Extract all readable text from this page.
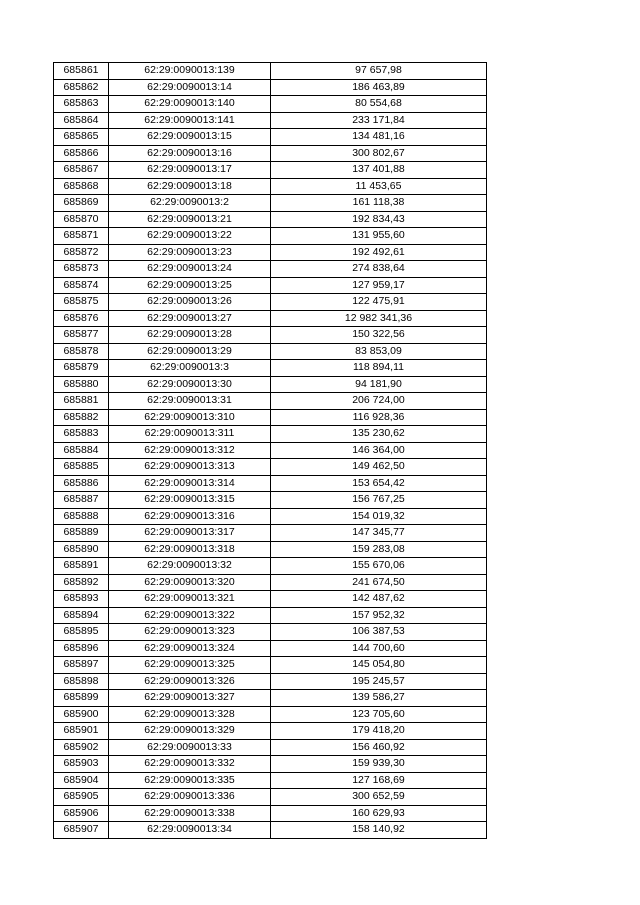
685861	62:29:0090013:139	97 657,98
685862	62:29:0090013:14	186 463,89
685863	62:29:0090013:140	80 554,68
685864	62:29:0090013:141	233 171,84
685865	62:29:0090013:15	134 481,16
685866	62:29:0090013:16	300 802,67
685867	62:29:0090013:17	137 401,88
685868	62:29:0090013:18	11 453,65
685869	62:29:0090013:2	161 118,38
685870	62:29:0090013:21	192 834,43
685871	62:29:0090013:22	131 955,60
685872	62:29:0090013:23	192 492,61
685873	62:29:0090013:24	274 838,64
685874	62:29:0090013:25	127 959,17
685875	62:29:0090013:26	122 475,91
685876	62:29:0090013:27	12 982 341,36
685877	62:29:0090013:28	150 322,56
685878	62:29:0090013:29	83 853,09
685879	62:29:0090013:3	118 894,11
685880	62:29:0090013:30	94 181,90
685881	62:29:0090013:31	206 724,00
685882	62:29:0090013:310	116 928,36
685883	62:29:0090013:311	135 230,62
685884	62:29:0090013:312	146 364,00
685885	62:29:0090013:313	149 462,50
685886	62:29:0090013:314	153 654,42
685887	62:29:0090013:315	156 767,25
685888	62:29:0090013:316	154 019,32
685889	62:29:0090013:317	147 345,77
685890	62:29:0090013:318	159 283,08
685891	62:29:0090013:32	155 670,06
685892	62:29:0090013:320	241 674,50
685893	62:29:0090013:321	142 487,62
685894	62:29:0090013:322	157 952,32
685895	62:29:0090013:323	106 387,53
685896	62:29:0090013:324	144 700,60
685897	62:29:0090013:325	145 054,80
685898	62:29:0090013:326	195 245,57
685899	62:29:0090013:327	139 586,27
685900	62:29:0090013:328	123 705,60
685901	62:29:0090013:329	179 418,20
685902	62:29:0090013:33	156 460,92
685903	62:29:0090013:332	159 939,30
685904	62:29:0090013:335	127 168,69
685905	62:29:0090013:336	300 652,59
685906	62:29:0090013:338	160 629,93
685907	62:29:0090013:34	158 140,92
